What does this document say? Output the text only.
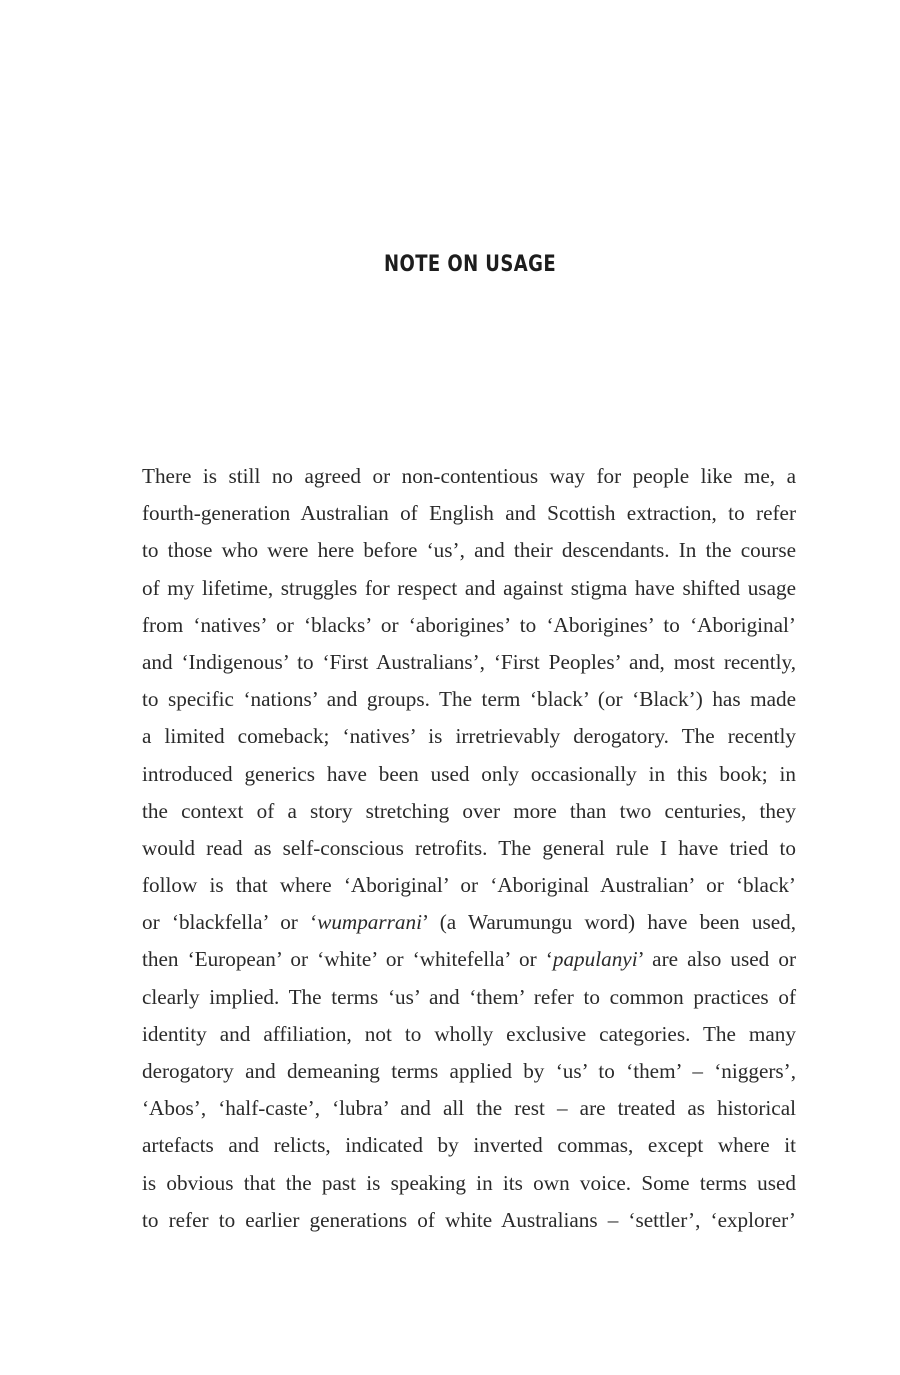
NOTE ON USAGE
There is still no agreed or non-contentious way for people like me, a
fourth-generation Australian of English and Scottish extraction, to refer
to those who were here before ‘us’, and their descendants. In the course
of my lifetime, struggles for respect and against stigma have shifted usage
from ‘natives’ or ‘blacks’ or ‘aborigines’ to ‘Aborigines’ to ‘Aboriginal’
and ‘Indigenous’ to ‘First Australians’, ‘First Peoples’ and, most recently,
to specific ‘nations’ and groups. The term ‘black’ (or ‘Black’) has made
a limited comeback; ‘natives’ is irretrievably derogatory. The recently
introduced generics have been used only occasionally in this book; in
the context of a story stretching over more than two centuries, they
would read as self-conscious retrofits. The general rule I have tried to
follow is that where ‘Aboriginal’ or ‘Aboriginal Australian’ or ‘black’
or ‘blackfella’ or ‘wumparrani’ (a Warumungu word) have been used,
then ‘European’ or ‘white’ or ‘whitefella’ or ‘papulanyi’ are also used or
clearly implied. The terms ‘us’ and ‘them’ refer to common practices of
identity and affiliation, not to wholly exclusive categories. The many
derogatory and demeaning terms applied by ‘us’ to ‘them’ – ‘niggers’,
‘Abos’, ‘half-caste’, ‘lubra’ and all the rest – are treated as historical
artefacts and relicts, indicated by inverted commas, except where it
is obvious that the past is speaking in its own voice. Some terms used
to refer to earlier generations of white Australians – ‘settler’, ‘explorer’
